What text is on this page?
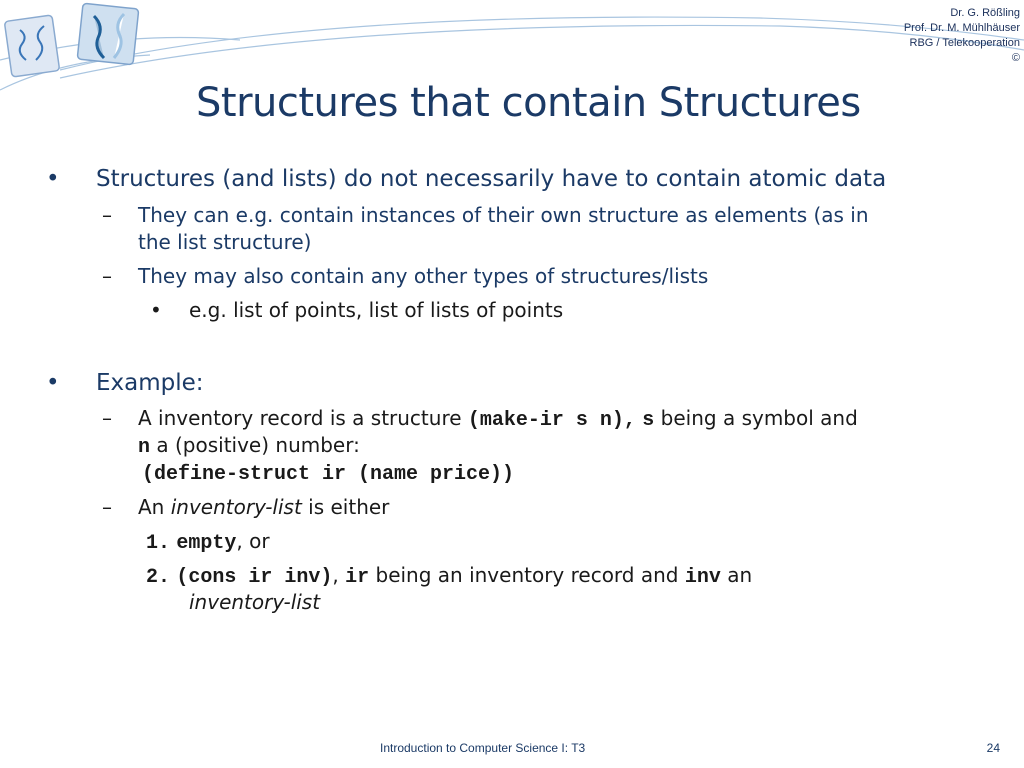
Dr. G. Rößling
Prof. Dr. M. Mühlhäuser
RBG / Telekooperation
©
Structures that contain Structures
• Structures (and lists) do not necessarily have to contain atomic data
– They can e.g. contain instances of their own structure as elements (as in
the list structure)
– They may also contain any other types of structures/lists
• e.g. list of points, list of lists of points
• Example:
– A inventory record is a structure (make-ir s n), s being a symbol and
n a (positive) number:
(define-struct ir (name price))
– An inventory-list is either
1. empty, or
2. (cons ir inv), ir being an inventory record and inv an
inventory-list
Introduction to Computer Science I: T3	24
